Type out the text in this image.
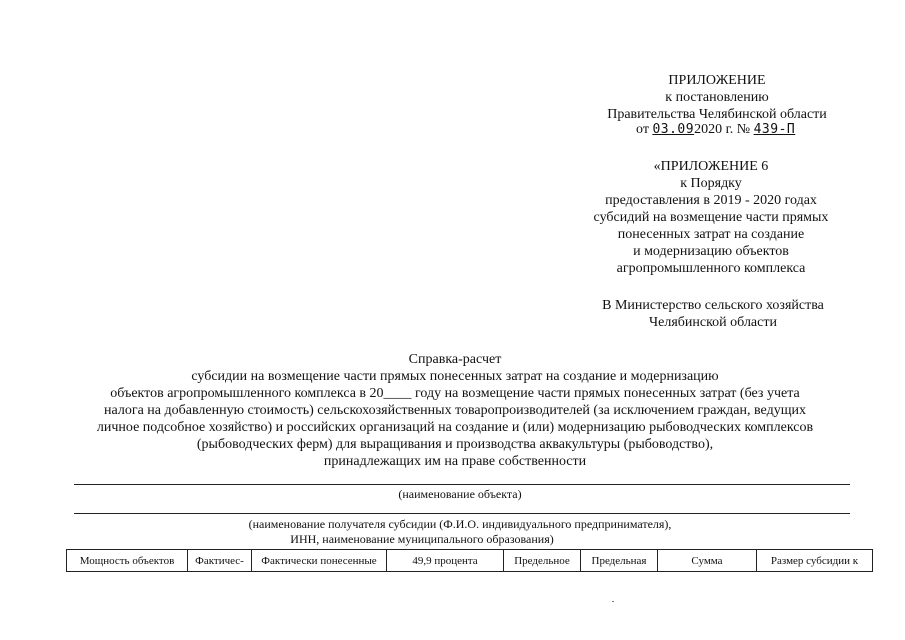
ПРИЛОЖЕНИЕ
к постановлению
Правительства Челябинской области
от 03.092020 г. № 439-П
«ПРИЛОЖЕНИЕ 6
к Порядку
предоставления в 2019 - 2020 годах
субсидий на возмещение части прямых
понесенных затрат на создание
и модернизацию объектов
агропромышленного комплекса
В Министерство сельского хозяйства
Челябинской области
Справка-расчет
субсидии на возмещение части прямых понесенных затрат на создание и модернизацию
объектов агропромышленного комплекса в 20____ году на возмещение части прямых понесенных затрат (без учета
налога на добавленную стоимость) сельскохозяйственных товаропроизводителей (за исключением граждан, ведущих
личное подсобное хозяйство) и российских организаций на создание и (или) модернизацию рыбоводческих комплексов
(рыбоводческих ферм) для выращивания и производства аквакультуры (рыбоводство),
принадлежащих им на праве собственности
(наименование объекта)
(наименование получателя субсидии (Ф.И.О. индивидуального предпринимателя),
ИНН, наименование муниципального образования)
Мощность объектов	Фактичес-	Фактически понесенные	49,9 процента	Предельное	Предельная	Сумма	Размер субсидии к
